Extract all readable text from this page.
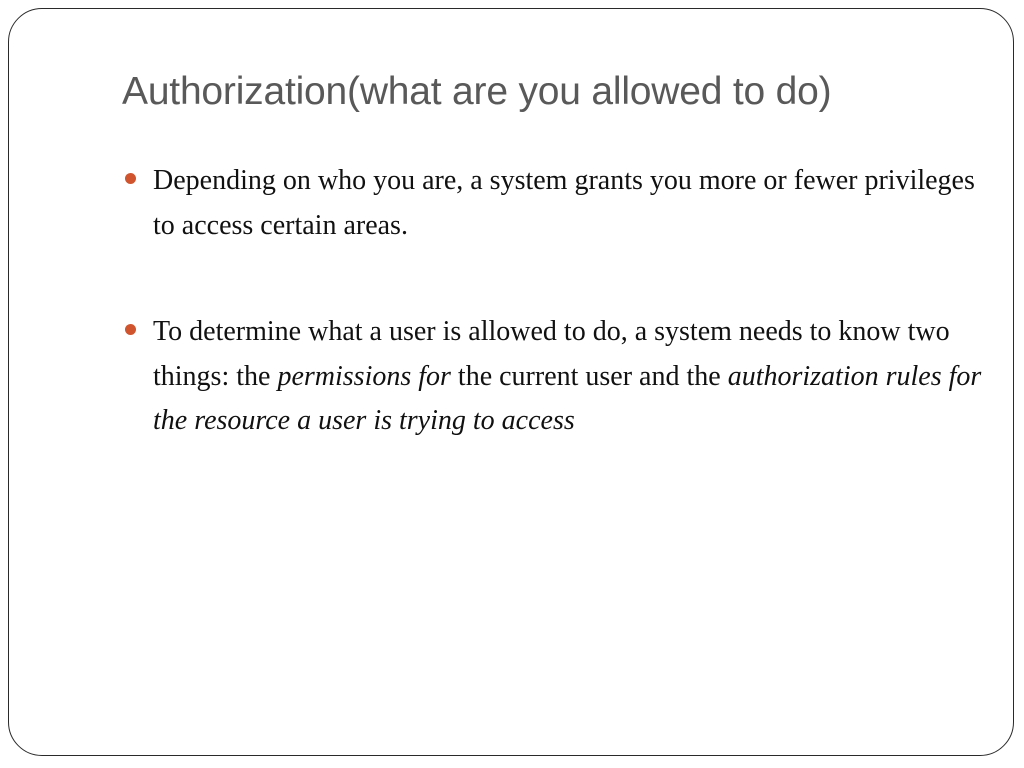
Authorization(what are you allowed to do)
Depending on who you are, a system grants you more or fewer privileges to access certain areas.
To determine what a user is allowed to do, a system needs to know two things: the permissions for the current user and the authorization rules for the resource a user is trying to access
